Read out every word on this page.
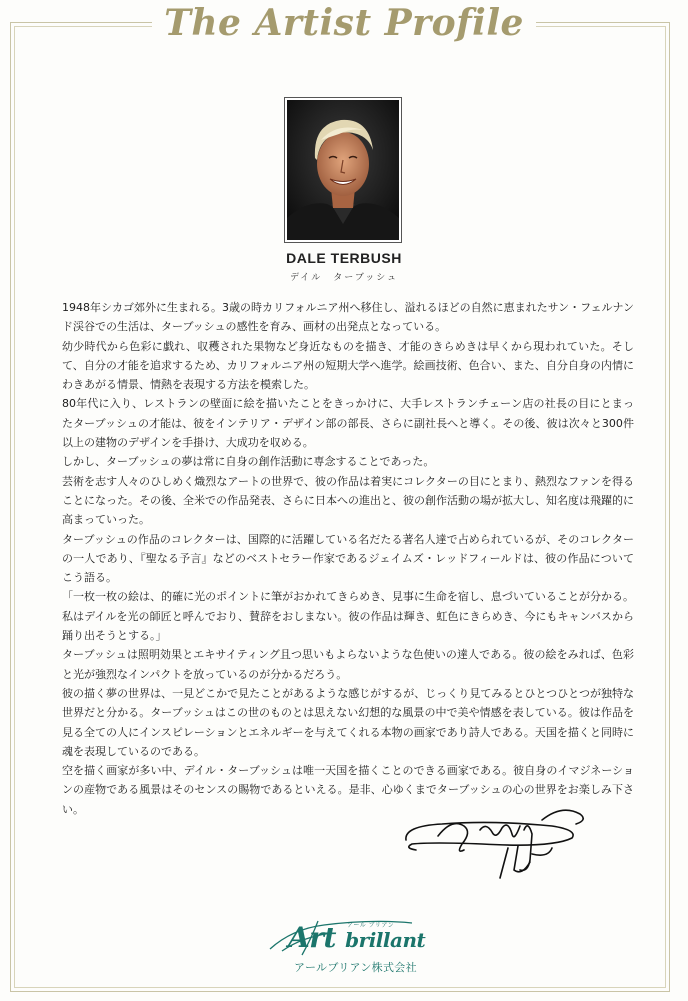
The Artist Profile
DALE TERBUSH
デイル　ターブッシュ

1948年シカゴ郊外に生まれる。3歳の時カリフォルニア州へ移住し、溢れるほどの自然に恵まれたサン・フェルナンド渓谷での生活は、ターブッシュの感性を育み、画材の出発点となっている。

幼少時代から色彩に戯れ、収穫された果物など身近なものを描き、才能のきらめきは早くから現われていた。そして、自分の才能を追求するため、カリフォルニア州の短期大学へ進学。絵画技術、色合い、また、自分自身の内情にわきあがる情景、情熱を表現する方法を模索した。

80年代に入り、レストランの壁面に絵を描いたことをきっかけに、大手レストランチェーン店の社長の目にとまったターブッシュの才能は、彼をインテリア・デザイン部の部長、さらに副社長へと導く。その後、彼は次々と300件以上の建物のデザインを手掛け、大成功を収める。

しかし、ターブッシュの夢は常に自身の創作活動に専念することであった。

芸術を志す人々のひしめく熾烈なアートの世界で、彼の作品は着実にコレクターの目にとまり、熱烈なファンを得ることになった。その後、全米での作品発表、さらに日本への進出と、彼の創作活動の場が拡大し、知名度は飛躍的に高まっていった。

ターブッシュの作品のコレクターは、国際的に活躍している名だたる著名人達で占められているが、そのコレクターの一人であり、『聖なる予言』などのベストセラー作家であるジェイムズ・レッドフィールドは、彼の作品についてこう語る。

「一枚一枚の絵は、的確に光のポイントに筆がおかれてきらめき、見事に生命を宿し、息づいていることが分かる。私はデイルを光の師匠と呼んでおり、賛辞をおしまない。彼の作品は輝き、虹色にきらめき、今にもキャンバスから踊り出そうとする。」

ターブッシュは照明効果とエキサイティング且つ思いもよらないような色使いの達人である。彼の絵をみれば、色彩と光が強烈なインパクトを放っているのが分かるだろう。

彼の描く夢の世界は、一見どこかで見たことがあるような感じがするが、じっくり見てみるとひとつひとつが独特な世界だと分かる。ターブッシュはこの世のものとは思えない幻想的な風景の中で美や情感を表している。彼は作品を見る全ての人にインスピレーションとエネルギーを与えてくれる本物の画家であり詩人である。天国を描くと同時に魂を表現しているのである。

空を描く画家が多い中、デイル・ターブッシュは唯一天国を描くことのできる画家である。彼自身のイマジネーションの産物である風景はそのセンスの賜物であるといえる。是非、心ゆくまでターブッシュの心の世界をお楽しみ下さい。

アール ブリアン
Art brillant
アールブリアン株式会社
